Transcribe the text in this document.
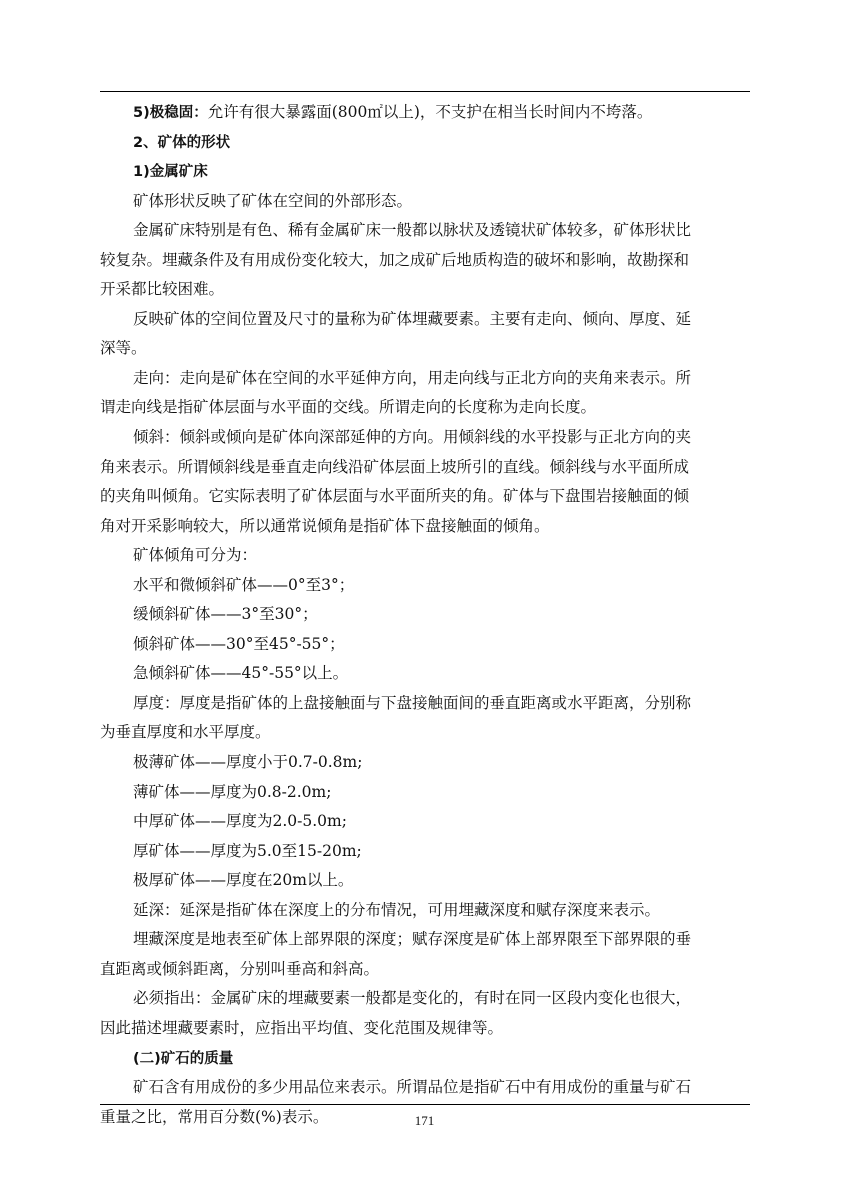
5)极稳固：允许有很大暴露面(800㎡以上)，不支护在相当长时间内不垮落。
2、矿体的形状
1)金属矿床
矿体形状反映了矿体在空间的外部形态。
金属矿床特别是有色、稀有金属矿床一般都以脉状及透镜状矿体较多，矿体形状比
较复杂。埋藏条件及有用成份变化较大，加之成矿后地质构造的破坏和影响，故勘探和
开采都比较困难。
反映矿体的空间位置及尺寸的量称为矿体埋藏要素。主要有走向、倾向、厚度、延
深等。
走向：走向是矿体在空间的水平延伸方向，用走向线与正北方向的夹角来表示。所
谓走向线是指矿体层面与水平面的交线。所谓走向的长度称为走向长度。
倾斜：倾斜或倾向是矿体向深部延伸的方向。用倾斜线的水平投影与正北方向的夹
角来表示。所谓倾斜线是垂直走向线沿矿体层面上坡所引的直线。倾斜线与水平面所成
的夹角叫倾角。它实际表明了矿体层面与水平面所夹的角。矿体与下盘围岩接触面的倾
角对开采影响较大，所以通常说倾角是指矿体下盘接触面的倾角。
矿体倾角可分为：
水平和微倾斜矿体——0°至3°；
缓倾斜矿体——3°至30°；
倾斜矿体——30°至45°-55°；
急倾斜矿体——45°-55°以上。
厚度：厚度是指矿体的上盘接触面与下盘接触面间的垂直距离或水平距离，分别称
为垂直厚度和水平厚度。
极薄矿体——厚度小于0.7-0.8m;
薄矿体——厚度为0.8-2.0m;
中厚矿体——厚度为2.0-5.0m;
厚矿体——厚度为5.0至15-20m;
极厚矿体——厚度在20m以上。
延深：延深是指矿体在深度上的分布情况，可用埋藏深度和赋存深度来表示。
埋藏深度是地表至矿体上部界限的深度；赋存深度是矿体上部界限至下部界限的垂
直距离或倾斜距离，分别叫垂高和斜高。
必须指出：金属矿床的埋藏要素一般都是变化的，有时在同一区段内变化也很大，
因此描述埋藏要素时，应指出平均值、变化范围及规律等。
(二)矿石的质量
矿石含有用成份的多少用品位来表示。所谓品位是指矿石中有用成份的重量与矿石
重量之比，常用百分数(%)表示。	171
